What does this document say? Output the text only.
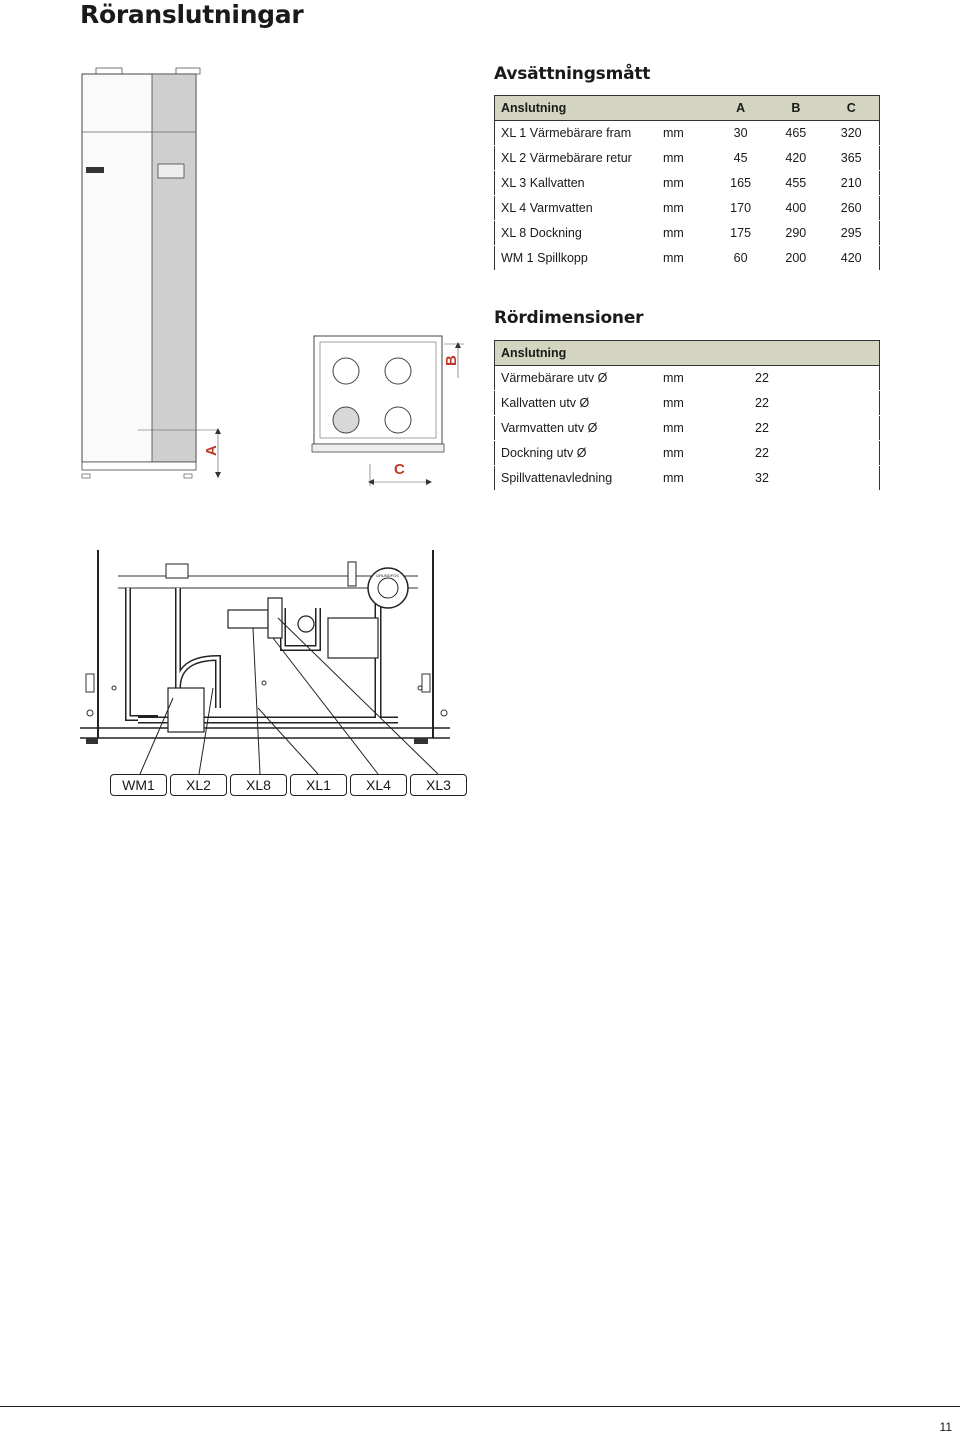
Röranslutningar
A
B
C
Avsättningsmått
Anslutning		A	B	C
XL 1 Värmebärare fram	mm	30	465	320
XL 2 Värmebärare retur	mm	45	420	365
XL 3 Kallvatten	mm	165	455	210
XL 4 Varmvatten	mm	170	400	260
XL 8 Dockning	mm	175	290	295
WM 1 Spillkopp	mm	60	200	420
Rördimensioner
Anslutning		
Värmebärare utv Ø	mm	22
Kallvatten utv Ø	mm	22
Varmvatten utv Ø	mm	22
Dockning utv Ø	mm	22
Spillvattenavledning	mm	32
GRUNDFOS
WM1	XL2	XL8	XL1	XL4	XL3
11
